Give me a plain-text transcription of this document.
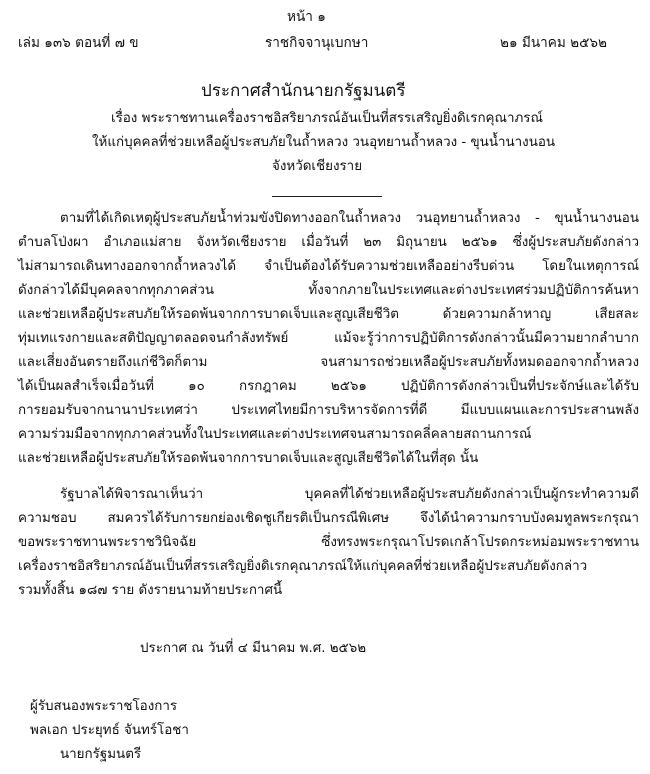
หน้า ๑
เล่ม ๑๓๖ ตอนที่ ๗ ข	ราชกิจจานุเบกษา	๒๑ มีนาคม ๒๕๖๒
ประกาศสำนักนายกรัฐมนตรี
เรื่อง พระราชทานเครื่องราชอิสริยาภรณ์อันเป็นที่สรรเสริญยิ่งดิเรกคุณาภรณ์
ให้แก่บุคคลที่ช่วยเหลือผู้ประสบภัยในถ้ำหลวง วนอุทยานถ้ำหลวง - ขุนน้ำนางนอน
จังหวัดเชียงราย
ตามที่ได้เกิดเหตุผู้ประสบภัยน้ำท่วมขังปิดทางออกในถ้ำหลวง วนอุทยานถ้ำหลวง - ขุนน้ำนางนอน
ตำบลโป่งผา อำเภอแม่สาย จังหวัดเชียงราย เมื่อวันที่ ๒๓ มิถุนายน ๒๕๖๑ ซึ่งผู้ประสบภัยดังกล่าว
ไม่สามารถเดินทางออกจากถ้ำหลวงได้ จำเป็นต้องได้รับความช่วยเหลืออย่างรีบด่วน โดยในเหตุการณ์
ดังกล่าวได้มีบุคคลจากทุกภาคส่วน ทั้งจากภายในประเทศและต่างประเทศร่วมปฏิบัติการค้นหา
และช่วยเหลือผู้ประสบภัยให้รอดพ้นจากการบาดเจ็บและสูญเสียชีวิต ด้วยความกล้าหาญ เสียสละ
ทุ่มเทแรงกายและสติปัญญาตลอดจนกำลังทรัพย์ แม้จะรู้ว่าการปฏิบัติการดังกล่าวนั้นมีความยากลำบาก
และเสี่ยงอันตรายถึงแก่ชีวิตก็ตาม จนสามารถช่วยเหลือผู้ประสบภัยทั้งหมดออกจากถ้ำหลวง
ได้เป็นผลสำเร็จเมื่อวันที่ ๑๐ กรกฎาคม ๒๕๖๑ ปฏิบัติการดังกล่าวเป็นที่ประจักษ์และได้รับ
การยอมรับจากนานาประเทศว่า ประเทศไทยมีการบริหารจัดการที่ดี มีแบบแผนและการประสานพลัง
ความร่วมมือจากทุกภาคส่วนทั้งในประเทศและต่างประเทศจนสามารถคลี่คลายสถานการณ์
และช่วยเหลือผู้ประสบภัยให้รอดพ้นจากการบาดเจ็บและสูญเสียชีวิตได้ในที่สุด นั้น
รัฐบาลได้พิจารณาเห็นว่า บุคคลที่ได้ช่วยเหลือผู้ประสบภัยดังกล่าวเป็นผู้กระทำความดี
ความชอบ สมควรได้รับการยกย่องเชิดชูเกียรติเป็นกรณีพิเศษ จึงได้นำความกราบบังคมทูลพระกรุณา
ขอพระราชทานพระราชวินิจฉัย ซึ่งทรงพระกรุณาโปรดเกล้าโปรดกระหม่อมพระราชทาน
เครื่องราชอิสริยาภรณ์อันเป็นที่สรรเสริญยิ่งดิเรกคุณาภรณ์ให้แก่บุคคลที่ช่วยเหลือผู้ประสบภัยดังกล่าว
รวมทั้งสิ้น ๑๘๗ ราย ดังรายนามท้ายประกาศนี้
ประกาศ ณ วันที่ ๔ มีนาคม พ.ศ. ๒๕๖๒
ผู้รับสนองพระราชโองการ
พลเอก ประยุทธ์ จันทร์โอชา
นายกรัฐมนตรี
